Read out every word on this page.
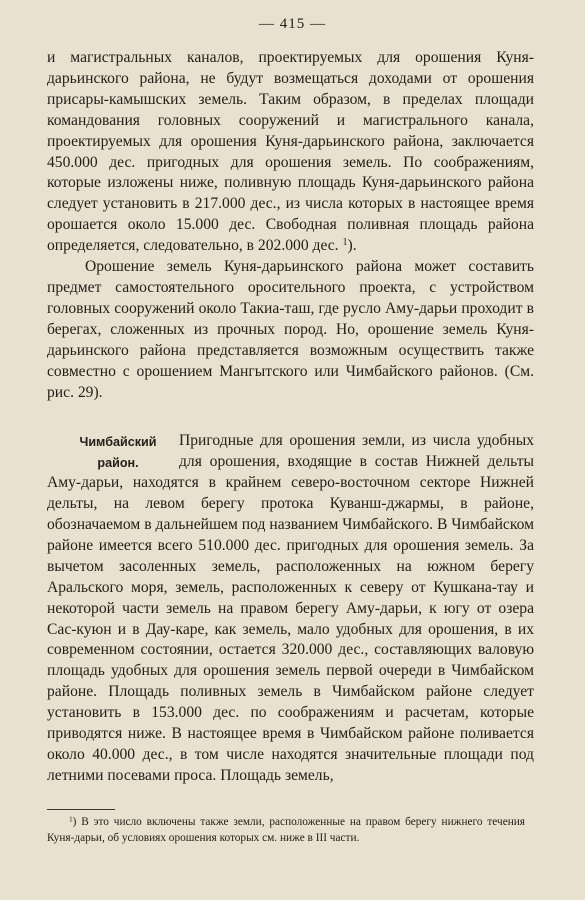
— 415 —

и магистральных каналов, проектируемых для орошения Куня-дарьинского района, не будут возмещаться доходами от орошения присары-камышских земель. Таким образом, в пределах площади командования головных сооружений и магистрального канала, проектируемых для орошения Куня-дарьинского района, заключается 450.000 дес. пригодных для орошения земель. По соображениям, которые изложены ниже, поливную площадь Куня-дарьинского района следует установить в 217.000 дес., из числа которых в настоящее время орошается около 15.000 дес. Свободная поливная площадь района определяется, следовательно, в 202.000 дес. $^1$).

Орошение земель Куня-дарьинского района может составить предмет самостоятельного оросительного проекта, с устройством головных сооружений около Такиа-таш, где русло Аму-дарьи проходит в берегах, сложенных из прочных пород. Но, орошение земель Куня-дарьинского района представляется возможным осуществить также совместно с орошением Мангытского или Чимбайского районов. (См. рис. 29).

Чимбайский
район.

Пригодные для орошения земли, из числа удобных для орошения, входящие в состав Нижней дельты Аму-дарьи, находятся в крайнем северо-восточном секторе Нижней дельты, на левом берегу протока Куванш-джармы, в районе, обозначаемом в дальнейшем под названием Чимбайского. В Чимбайском районе имеется всего 510.000 дес. пригодных для орошения земель. За вычетом засоленных земель, расположенных на южном берегу Аральского моря, земель, расположенных к северу от Кушкана-тау и некоторой части земель на правом берегу Аму-дарьи, к югу от озера Сас-куюн и в Дау-каре, как земель, мало удобных для орошения, в их современном состоянии, остается 320.000 дес., составляющих валовую площадь удобных для орошения земель первой очереди в Чимбайском районе. Площадь поливных земель в Чимбайском районе следует установить в 153.000 дес. по соображениям и расчетам, которые приводятся ниже. В настоящее время в Чимбайском районе поливается около 40.000 дес., в том числе находятся значительные площади под летними посевами проса. Площадь земель,

$^1$) В это число включены также земли, расположенные на правом берегу нижнего течения Куня-дарьи, об условиях орошения которых см. ниже в III части.
